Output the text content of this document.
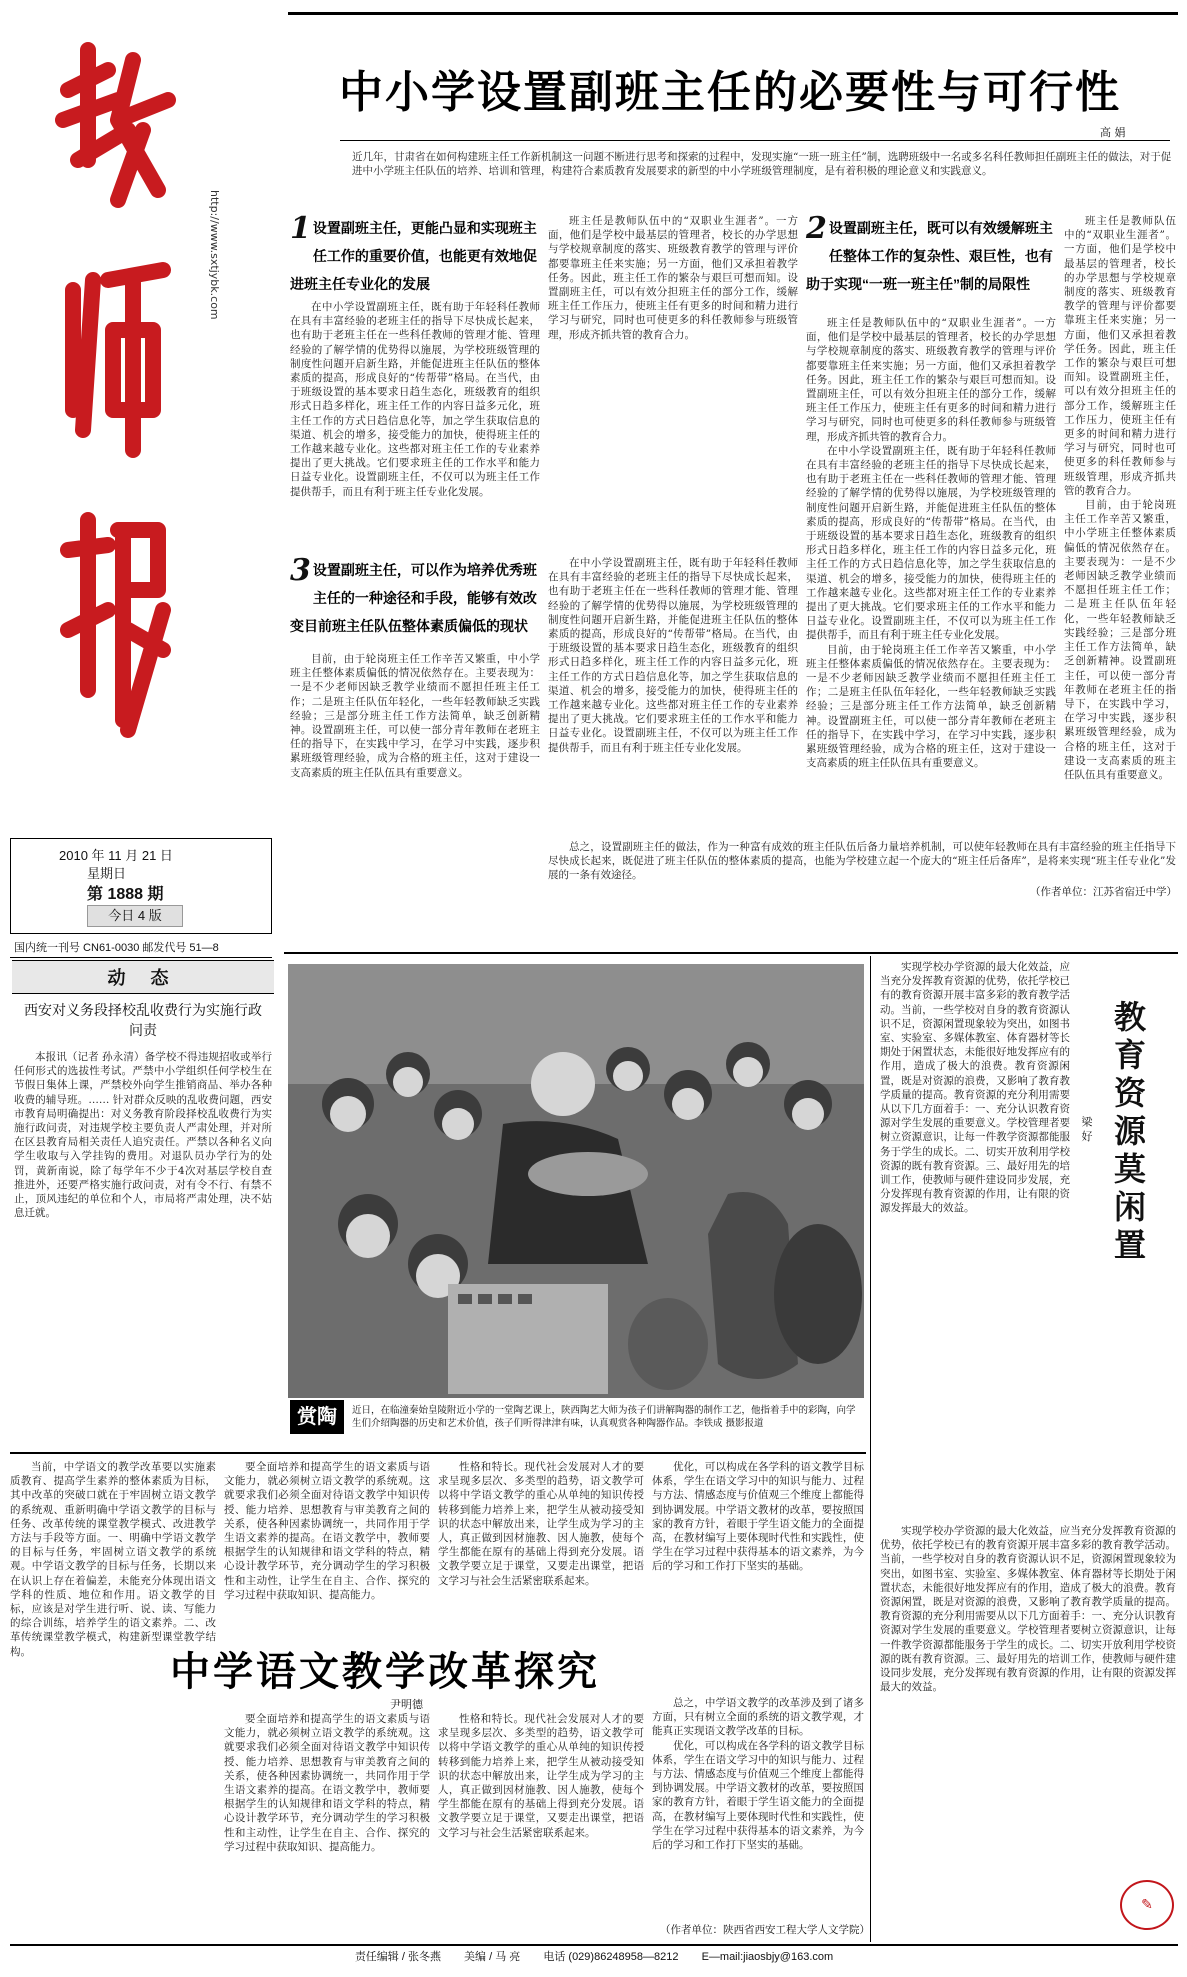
http://www.sxtjybk.com
2010 年 11 月 21 日
星期日
第 1888 期
今日 4 版
国内统一刊号 CN61-0030 邮发代号 51—8
动 态
西安对义务段择校乱收费行为实施行政问责

本报讯（记者 孙永清）备学校不得违规招收或举行任何形式的选拔性考试。严禁中小学组织任何学校生在节假日集体上课，严禁校外向学生推销商品、举办各种收费的辅导班。…… 针对群众反映的乱收费问题，西安市教育局明确提出：对义务教育阶段择校乱收费行为实施行政问责，对违规学校主要负责人严肃处理，并对所在区县教育局相关责任人追究责任。严禁以各种名义向学生收取与入学挂钩的费用。对退队员办学行为的处罚，黄新南说，除了每学年不少于4次对基层学校自查推进外，还要严格实施行政问责，对有令不行、有禁不止，顶风违纪的单位和个人，市局将严肃处理，决不姑息迁就。

中小学设置副班主任的必要性与可行性
高 娟
近几年，甘肃省在如何构建班主任工作新机制这一问题不断进行思考和探索的过程中，发现实施“一班一班主任”制，选聘班级中一名或多名科任教师担任副班主任的做法，对于促进中小学班主任队伍的培养、培训和管理，构建符合素质教育发展要求的新型的中小学班级管理制度，是有着积极的理论意义和实践意义。
1 设置副班主任，更能凸显和实现班主任工作的重要价值，也能更有效地促进班主任专业化的发展

在中小学设置副班主任，既有助于年轻科任教师在具有丰富经验的老班主任的指导下尽快成长起来，也有助于老班主任在一些科任教师的管理才能、管理经验的了解学情的优势得以施展，为学校班级管理的制度性问题开启新生路，并能促进班主任队伍的整体素质的提高，形成良好的“传帮带”格局。在当代，由于班级设置的基本要求日趋生态化，班级教育的组织形式日趋多样化，班主任工作的内容日益多元化，班主任工作的方式日趋信息化等，加之学生获取信息的渠道、机会的增多，接受能力的加快，使得班主任的工作越来越专业化。这些都对班主任工作的专业素养提出了更大挑战。它们要求班主任的工作水平和能力日益专业化。设置副班主任，不仅可以为班主任工作提供帮手，而且有利于班主任专业化发展。

班主任是教师队伍中的“双职业生涯者”。一方面，他们是学校中最基层的管理者，校长的办学思想与学校规章制度的落实、班级教育教学的管理与评价都要靠班主任来实施；另一方面，他们又承担着教学任务。因此，班主任工作的繁杂与艰巨可想而知。设置副班主任，可以有效分担班主任的部分工作，缓解班主任工作压力，使班主任有更多的时间和精力进行学习与研究，同时也可使更多的科任教师参与班级管理，形成齐抓共管的教育合力。

2 设置副班主任，既可以有效缓解班主任整体工作的复杂性、艰巨性，也有助于实现“一班一班主任”制的局限性

班主任是教师队伍中的“双职业生涯者”。一方面，他们是学校中最基层的管理者，校长的办学思想与学校规章制度的落实、班级教育教学的管理与评价都要靠班主任来实施；另一方面，他们又承担着教学任务。因此，班主任工作的繁杂与艰巨可想而知。设置副班主任，可以有效分担班主任的部分工作，缓解班主任工作压力，使班主任有更多的时间和精力进行学习与研究，同时也可使更多的科任教师参与班级管理，形成齐抓共管的教育合力。

在中小学设置副班主任，既有助于年轻科任教师在具有丰富经验的老班主任的指导下尽快成长起来，也有助于老班主任在一些科任教师的管理才能、管理经验的了解学情的优势得以施展，为学校班级管理的制度性问题开启新生路，并能促进班主任队伍的整体素质的提高，形成良好的“传帮带”格局。在当代，由于班级设置的基本要求日趋生态化，班级教育的组织形式日趋多样化，班主任工作的内容日益多元化，班主任工作的方式日趋信息化等，加之学生获取信息的渠道、机会的增多，接受能力的加快，使得班主任的工作越来越专业化。这些都对班主任工作的专业素养提出了更大挑战。它们要求班主任的工作水平和能力日益专业化。设置副班主任，不仅可以为班主任工作提供帮手，而且有利于班主任专业化发展。

目前，由于轮岗班主任工作辛苦又繁重，中小学班主任整体素质偏低的情况依然存在。主要表现为：一是不少老师因缺乏教学业绩而不愿担任班主任工作；二是班主任队伍年轻化，一些年轻教师缺乏实践经验；三是部分班主任工作方法简单，缺乏创新精神。设置副班主任，可以使一部分青年教师在老班主任的指导下，在实践中学习，在学习中实践，逐步积累班级管理经验，成为合格的班主任，这对于建设一支高素质的班主任队伍具有重要意义。

班主任是教师队伍中的“双职业生涯者”。一方面，他们是学校中最基层的管理者，校长的办学思想与学校规章制度的落实、班级教育教学的管理与评价都要靠班主任来实施；另一方面，他们又承担着教学任务。因此，班主任工作的繁杂与艰巨可想而知。设置副班主任，可以有效分担班主任的部分工作，缓解班主任工作压力，使班主任有更多的时间和精力进行学习与研究，同时也可使更多的科任教师参与班级管理，形成齐抓共管的教育合力。

目前，由于轮岗班主任工作辛苦又繁重，中小学班主任整体素质偏低的情况依然存在。主要表现为：一是不少老师因缺乏教学业绩而不愿担任班主任工作；二是班主任队伍年轻化，一些年轻教师缺乏实践经验；三是部分班主任工作方法简单，缺乏创新精神。设置副班主任，可以使一部分青年教师在老班主任的指导下，在实践中学习，在学习中实践，逐步积累班级管理经验，成为合格的班主任，这对于建设一支高素质的班主任队伍具有重要意义。

3 设置副班主任，可以作为培养优秀班主任的一种途径和手段，能够有效改变目前班主任队伍整体素质偏低的现状

目前，由于轮岗班主任工作辛苦又繁重，中小学班主任整体素质偏低的情况依然存在。主要表现为：一是不少老师因缺乏教学业绩而不愿担任班主任工作；二是班主任队伍年轻化，一些年轻教师缺乏实践经验；三是部分班主任工作方法简单，缺乏创新精神。设置副班主任，可以使一部分青年教师在老班主任的指导下，在实践中学习，在学习中实践，逐步积累班级管理经验，成为合格的班主任，这对于建设一支高素质的班主任队伍具有重要意义。

在中小学设置副班主任，既有助于年轻科任教师在具有丰富经验的老班主任的指导下尽快成长起来，也有助于老班主任在一些科任教师的管理才能、管理经验的了解学情的优势得以施展，为学校班级管理的制度性问题开启新生路，并能促进班主任队伍的整体素质的提高，形成良好的“传帮带”格局。在当代，由于班级设置的基本要求日趋生态化，班级教育的组织形式日趋多样化，班主任工作的内容日益多元化，班主任工作的方式日趋信息化等，加之学生获取信息的渠道、机会的增多，接受能力的加快，使得班主任的工作越来越专业化。这些都对班主任工作的专业素养提出了更大挑战。它们要求班主任的工作水平和能力日益专业化。设置副班主任，不仅可以为班主任工作提供帮手，而且有利于班主任专业化发展。

总之，设置副班主任的做法，作为一种富有成效的班主任队伍后备力量培养机制，可以使年轻教师在具有丰富经验的班主任指导下尽快成长起来，既促进了班主任队伍的整体素质的提高，也能为学校建立起一个庞大的“班主任后备库”，是将来实现“班主任专业化”发展的一条有效途径。

（作者单位：江苏省宿迁中学）
赏陶	近日，在临潼秦始皇陵附近小学的一堂陶艺课上，陕西陶艺大师为孩子们讲解陶器的制作工艺，他指着手中的彩陶，向学生们介绍陶器的历史和艺术价值，孩子们听得津津有味，认真观赏各种陶器作品。李铁成 摄影报道

教育资源莫闲置
梁 好

实现学校办学资源的最大化效益，应当充分发挥教育资源的优势，依托学校已有的教育资源开展丰富多彩的教育教学活动。当前，一些学校对自身的教育资源认识不足，资源闲置现象较为突出，如图书室、实验室、多媒体教室、体育器材等长期处于闲置状态，未能很好地发挥应有的作用，造成了极大的浪费。教育资源闲置，既是对资源的浪费，又影响了教育教学质量的提高。教育资源的充分利用需要从以下几方面着手：一、充分认识教育资源对学生发展的重要意义。学校管理者要树立资源意识，让每一件教学资源都能服务于学生的成长。二、切实开放利用学校资源的既有教育资源。三、最好用先的培训工作，使教师与硬件建设同步发展，充分发挥现有教育资源的作用，让有限的资源发挥最大的效益。

实现学校办学资源的最大化效益，应当充分发挥教育资源的优势，依托学校已有的教育资源开展丰富多彩的教育教学活动。当前，一些学校对自身的教育资源认识不足，资源闲置现象较为突出，如图书室、实验室、多媒体教室、体育器材等长期处于闲置状态，未能很好地发挥应有的作用，造成了极大的浪费。教育资源闲置，既是对资源的浪费，又影响了教育教学质量的提高。教育资源的充分利用需要从以下几方面着手：一、充分认识教育资源对学生发展的重要意义。学校管理者要树立资源意识，让每一件教学资源都能服务于学生的成长。二、切实开放利用学校资源的既有教育资源。三、最好用先的培训工作，使教师与硬件建设同步发展，充分发挥现有教育资源的作用，让有限的资源发挥最大的效益。

✎

当前，中学语文的教学改革要以实施素质教育、提高学生素养的整体素质为目标，其中改革的突破口就在于牢固树立语文教学的系统观、重新明确中学语文教学的目标与任务、改革传统的课堂教学模式、改进教学方法与手段等方面。一、明确中学语文教学的目标与任务，牢固树立语文教学的系统观。中学语文教学的目标与任务，长期以来在认识上存在着偏差，未能充分体现出语文学科的性质、地位和作用。语文教学的目标，应该是对学生进行听、说、读、写能力的综合训练，培养学生的语文素养。二、改革传统课堂教学模式，构建新型课堂教学结构。

要全面培养和提高学生的语文素质与语文能力，就必须树立语文教学的系统观。这就要求我们必须全面对待语文教学中知识传授、能力培养、思想教育与审美教育之间的关系，使各种因素协调统一，共同作用于学生语文素养的提高。在语文教学中，教师要根据学生的认知规律和语文学科的特点，精心设计教学环节，充分调动学生的学习积极性和主动性，让学生在自主、合作、探究的学习过程中获取知识、提高能力。

性格和特长。现代社会发展对人才的要求呈现多层次、多类型的趋势，语文教学可以将中学语文教学的重心从单纯的知识传授转移到能力培养上来，把学生从被动接受知识的状态中解放出来，让学生成为学习的主人，真正做到因材施教、因人施教，使每个学生都能在原有的基础上得到充分发展。语文教学要立足于课堂，又要走出课堂，把语文学习与社会生活紧密联系起来。

优化，可以构成在各学科的语文教学目标体系，学生在语文学习中的知识与能力、过程与方法、情感态度与价值观三个维度上都能得到协调发展。中学语文教材的改革，要按照国家的教育方针，着眼于学生语文能力的全面提高，在教材编写上要体现时代性和实践性，使学生在学习过程中获得基本的语文素养，为今后的学习和工作打下坚实的基础。

中学语文教学改革探究
尹明德

要全面培养和提高学生的语文素质与语文能力，就必须树立语文教学的系统观。这就要求我们必须全面对待语文教学中知识传授、能力培养、思想教育与审美教育之间的关系，使各种因素协调统一，共同作用于学生语文素养的提高。在语文教学中，教师要根据学生的认知规律和语文学科的特点，精心设计教学环节，充分调动学生的学习积极性和主动性，让学生在自主、合作、探究的学习过程中获取知识、提高能力。

性格和特长。现代社会发展对人才的要求呈现多层次、多类型的趋势，语文教学可以将中学语文教学的重心从单纯的知识传授转移到能力培养上来，把学生从被动接受知识的状态中解放出来，让学生成为学习的主人，真正做到因材施教、因人施教，使每个学生都能在原有的基础上得到充分发展。语文教学要立足于课堂，又要走出课堂，把语文学习与社会生活紧密联系起来。

总之，中学语文教学的改革涉及到了诸多方面，只有树立全面的系统的语文教学观，才能真正实现语文教学改革的目标。

优化，可以构成在各学科的语文教学目标体系，学生在语文学习中的知识与能力、过程与方法、情感态度与价值观三个维度上都能得到协调发展。中学语文教材的改革，要按照国家的教育方针，着眼于学生语文能力的全面提高，在教材编写上要体现时代性和实践性，使学生在学习过程中获得基本的语文素养，为今后的学习和工作打下坚实的基础。

（作者单位：陕西省西安工程大学人文学院）
责任编辑 / 张冬燕 美编 / 马 亮 电话 (029)86248958—8212 E—mail:jiaosbjy@163.com
